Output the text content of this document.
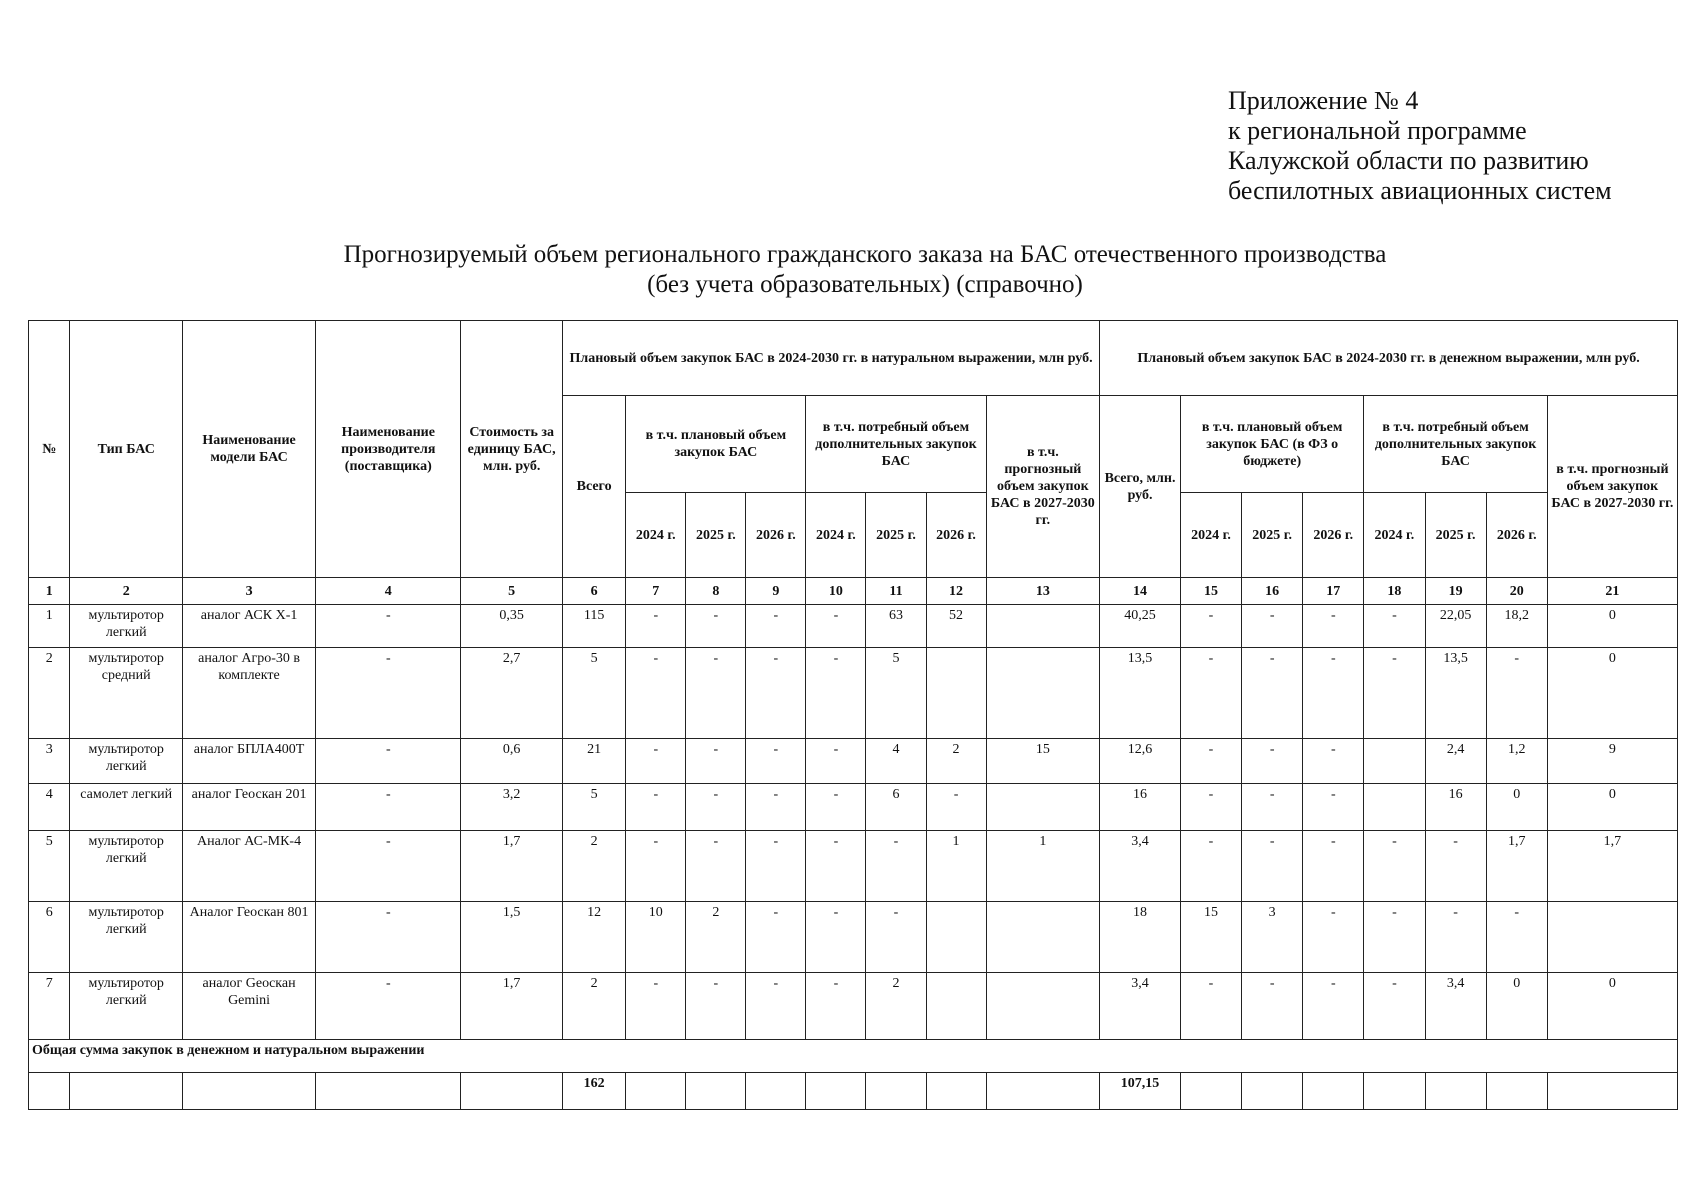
Приложение № 4
к региональной программе
Калужской области по развитию
беспилотных авиационных систем
Прогнозируемый объем регионального гражданского заказа на БАС отечественного производства
(без учета образовательных) (справочно)
№	Тип БАС	Наименование модели БАС	Наименование производителя (поставщика)	Стоимость за единицу БАС, млн. руб.	Плановый объем закупок БАС в 2024-2030 гг. в натуральном выражении, млн руб.								Плановый объем закупок БАС в 2024-2030 гг. в денежном выражении, млн руб.							
					Всего	в т.ч. плановый объем закупок БАС			в т.ч. потребный объем дополнительных закупок БАС			в т.ч. прогнозный объем закупок БАС в 2027-2030 гг.	Всего, млн. руб.	в т.ч. плановый объем закупок БАС (в ФЗ о бюджете)			в т.ч. потребный объем дополнительных закупок БАС			в т.ч. прогнозный объем закупок БАС в 2027-2030 гг.
						2024 г.	2025 г.	2026 г.	2024 г.	2025 г.	2026 г.			2024 г.	2025 г.	2026 г.	2024 г.	2025 г.	2026 г.	
1	2	3	4	5	6	7	8	9	10	11	12	13	14	15	16	17	18	19	20	21
1	мультиротор легкий	аналог АСК Х-1	-	0,35	115	-	-	-	-	63	52		40,25	-	-	-	-	22,05	18,2	0
2	мультиротор средний	аналог Агро-30 в комплекте	-	2,7	5	-	-	-	-	5			13,5	-	-	-	-	13,5	-	0
3	мультиротор легкий	аналог БПЛА400Т	-	0,6	21	-	-	-	-	4	2	15	12,6	-	-	-		2,4	1,2	9
4	самолет легкий	аналог Геоскан 201	-	3,2	5	-	-	-	-	6	-		16	-	-	-		16	0	0
5	мультиротор легкий	Аналог АС-МК-4	-	1,7	2	-	-	-	-	-	1	1	3,4	-	-	-	-	-	1,7	1,7
6	мультиротор легкий	Аналог Геоскан 801	-	1,5	12	10	2	-	-	-			18	15	3	-	-	-	-	
7	мультиротор легкий	аналог Geoскан Gemini	-	1,7	2	-	-	-	-	2			3,4	-	-	-	-	3,4	0	0
Общая сумма закупок в денежном и натуральном выражении																				
					162								107,15							
